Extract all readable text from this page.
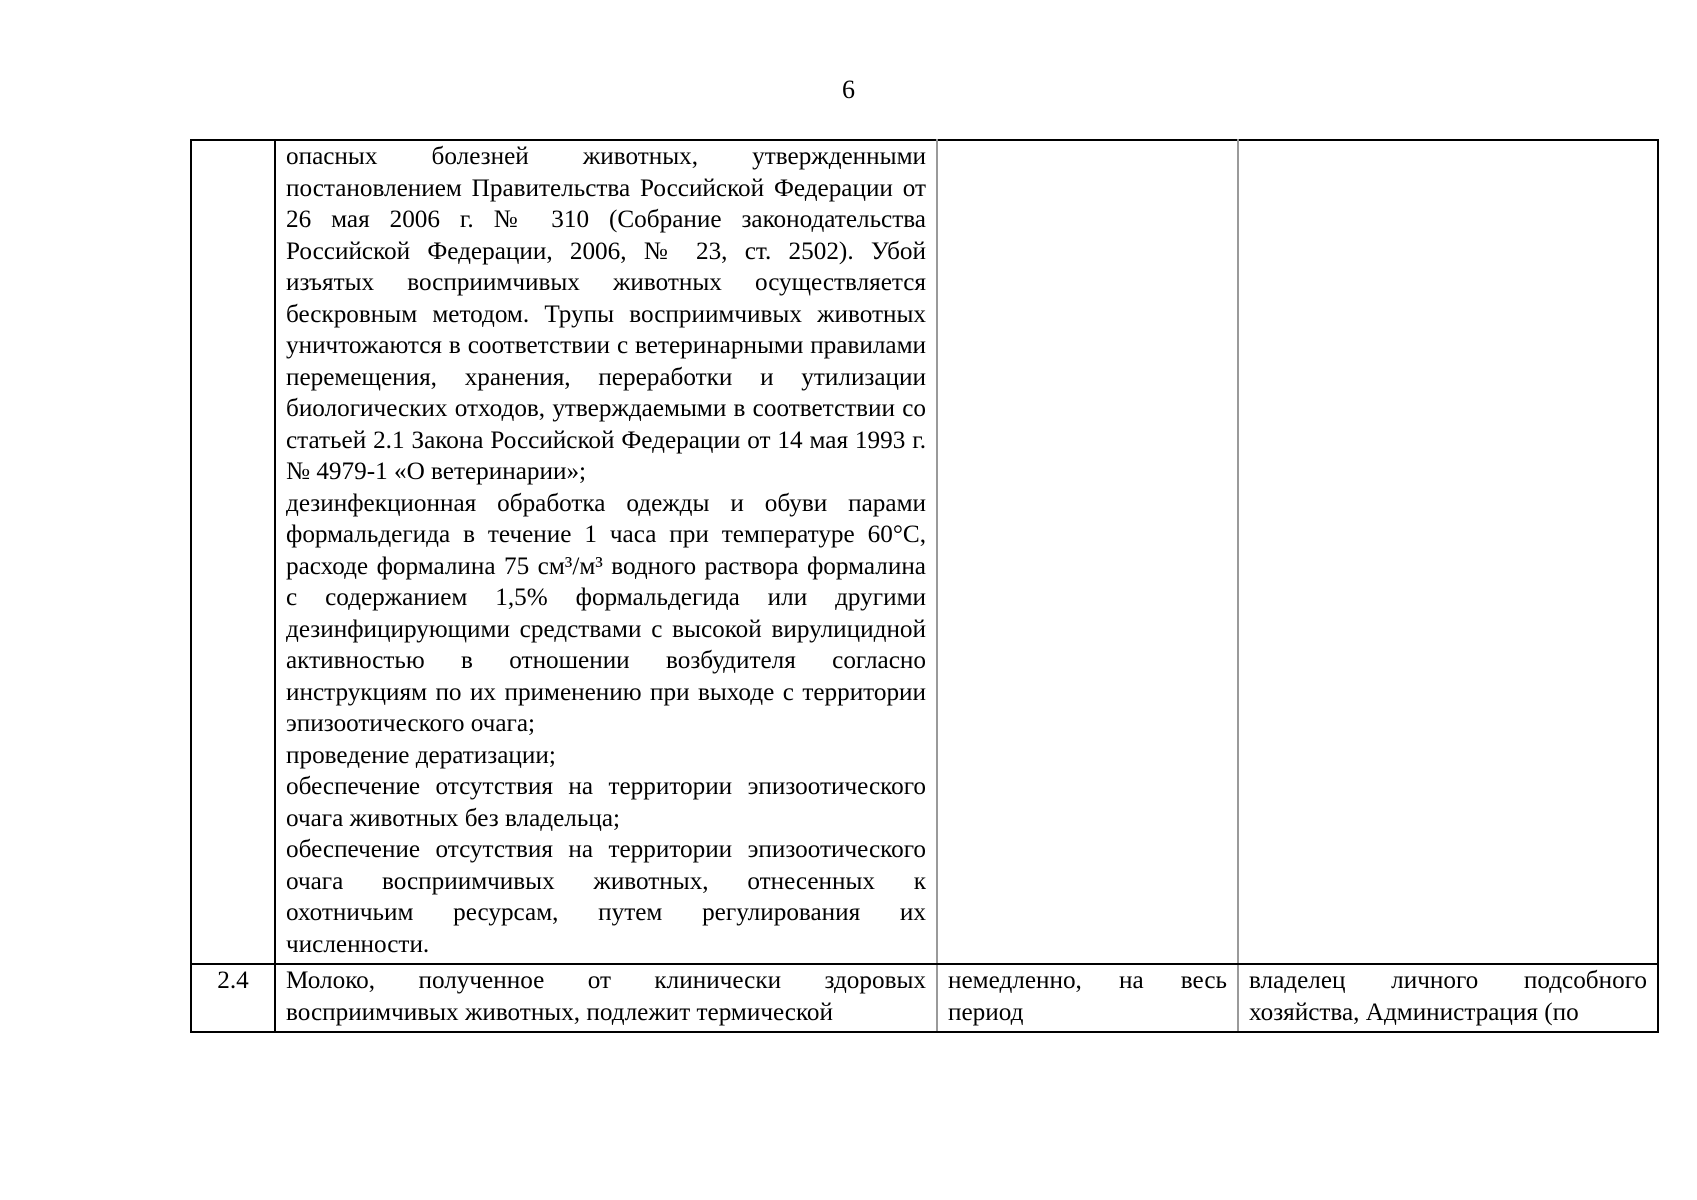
6

	опасных болезней животных, утвержденными постановлением Правительства Российской Федерации от 26 мая 2006 г. № 310 (Собрание законодательства Российской Федерации, 2006, № 23, ст. 2502). Убой изъятых восприимчивых животных осуществляется бескровным методом. Трупы восприимчивых животных уничтожаются в соответствии с ветеринарными правилами перемещения, хранения, переработки и утилизации биологических отходов, утверждаемыми в соответствии со статьей 2.1 Закона Российской Федерации от 14 мая 1993 г. № 4979-1 «О ветеринарии»;
дезинфекционная обработка одежды и обуви парами формальдегида в течение 1 часа при температуре 60°С, расходе формалина 75 см³/м³ водного раствора формалина с содержанием 1,5% формальдегида или другими дезинфицирующими средствами с высокой вирулицидной активностью в отношении возбудителя согласно инструкциям по их применению при выходе с территории эпизоотического очага;
проведение дератизации;
обеспечение отсутствия на территории эпизоотического очага животных без владельца;
обеспечение отсутствия на территории эпизоотического очага восприимчивых животных, отнесенных к охотничьим ресурсам, путем регулирования их численности.		

2.4	Молоко, полученное от клинически здоровых восприимчивых животных, подлежит термической	немедленно, на весь период	владелец личного подсобного хозяйства, Администрация (по
